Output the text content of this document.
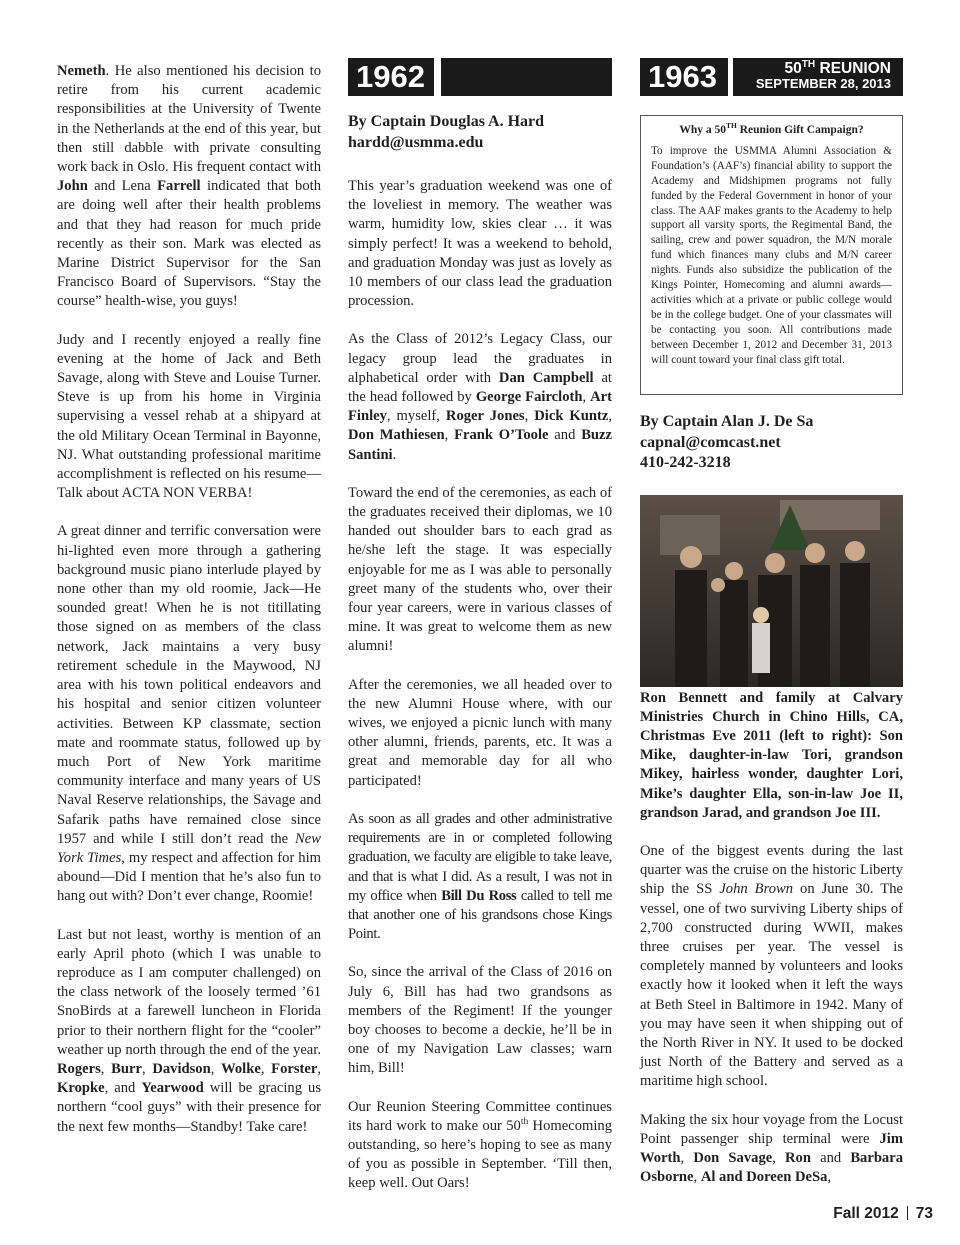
Nemeth. He also mentioned his decision to retire from his current academic responsibilities at the University of Twente in the Netherlands at the end of this year, but then still dabble with private consulting work back in Oslo. His frequent contact with John and Lena Farrell indicated that both are doing well after their health problems and that they had reason for much pride recently as their son. Mark was elected as Marine District Supervisor for the San Francisco Board of Supervisors. “Stay the course” health-wise, you guys!

Judy and I recently enjoyed a really fine evening at the home of Jack and Beth Savage, along with Steve and Louise Turner. Steve is up from his home in Virginia supervising a vessel rehab at a shipyard at the old Military Ocean Terminal in Bayonne, NJ. What outstanding professional maritime accomplishment is reflected on his resume—Talk about ACTA NON VERBA!

A great dinner and terrific conversation were hi-lighted even more through a gathering background music piano interlude played by none other than my old roomie, Jack—He sounded great! When he is not titillating those signed on as members of the class network, Jack maintains a very busy retirement schedule in the Maywood, NJ area with his town political endeavors and his hospital and senior citizen volunteer activities. Between KP classmate, section mate and roommate status, followed up by much Port of New York maritime community interface and many years of US Naval Reserve relationships, the Savage and Safarik paths have remained close since 1957 and while I still don’t read the New York Times, my respect and affection for him abound—Did I mention that he’s also fun to hang out with? Don’t ever change, Roomie!

Last but not least, worthy is mention of an early April photo (which I was unable to reproduce as I am computer challenged) on the class network of the loosely termed ’61 SnoBirds at a farewell luncheon in Florida prior to their northern flight for the “cooler” weather up north through the end of the year. Rogers, Burr, Davidson, Wolke, Forster, Kropke, and Yearwood will be gracing us northern “cool guys” with their presence for the next few months—Standby! Take care!

1962

By Captain Douglas A. Hard
hardd@usmma.edu

This year’s graduation weekend was one of the loveliest in memory. The weather was warm, humidity low, skies clear … it was simply perfect! It was a weekend to behold, and graduation Monday was just as lovely as 10 members of our class lead the graduation procession.

As the Class of 2012’s Legacy Class, our legacy group lead the graduates in alphabetical order with Dan Campbell at the head followed by George Faircloth, Art Finley, myself, Roger Jones, Dick Kuntz, Don Mathiesen, Frank O’Toole and Buzz Santini.

Toward the end of the ceremonies, as each of the graduates received their diplomas, we 10 handed out shoulder bars to each grad as he/she left the stage. It was especially enjoyable for me as I was able to personally greet many of the students who, over their four year careers, were in various classes of mine. It was great to welcome them as new alumni!

After the ceremonies, we all headed over to the new Alumni House where, with our wives, we enjoyed a picnic lunch with many other alumni, friends, parents, etc. It was a great and memorable day for all who participated!

As soon as all grades and other administrative requirements are in or completed following graduation, we faculty are eligible to take leave, and that is what I did. As a result, I was not in my office when Bill Du Ross called to tell me that another one of his grandsons chose Kings Point.

So, since the arrival of the Class of 2016 on July 6, Bill has had two grandsons as members of the Regiment! If the younger boy chooses to become a deckie, he’ll be in one of my Navigation Law classes; warn him, Bill!

Our Reunion Steering Committee continues its hard work to make our 50th Homecoming outstanding, so here’s hoping to see as many of you as possible in September. ‘Till then, keep well. Out Oars!

1963	50TH REUNION
SEPTEMBER 28, 2013
Why a 50TH Reunion Gift Campaign?

To improve the USMMA Alumni Association & Foundation’s (AAF’s) financial ability to support the Academy and Midshipmen programs not fully funded by the Federal Government in honor of your class. The AAF makes grants to the Academy to help support all varsity sports, the Regimental Band, the sailing, crew and power squadron, the M/N morale fund which finances many clubs and M/N career nights. Funds also subsidize the publication of the Kings Pointer, Homecoming and alumni awards—activities which at a private or public college would be in the college budget. One of your classmates will be contacting you soon. All contributions made between December 1, 2012 and December 31, 2013 will count toward your final class gift total.

By Captain Alan J. De Sa
capnal@comcast.net
410-242-3218

Ron Bennett and family at Calvary Ministries Church in Chino Hills, CA, Christmas Eve 2011 (left to right): Son Mike, daughter-in-law Tori, grandson Mikey, hairless wonder, daughter Lori, Mike’s daughter Ella, son-in-law Joe II, grandson Jarad, and grandson Joe III.

One of the biggest events during the last quarter was the cruise on the historic Liberty ship the SS John Brown on June 30. The vessel, one of two surviving Liberty ships of 2,700 constructed during WWII, makes three cruises per year. The vessel is completely manned by volunteers and looks exactly how it looked when it left the ways at Beth Steel in Baltimore in 1942. Many of you may have seen it when shipping out of the North River in NY. It used to be docked just North of the Battery and served as a maritime high school.

Making the six hour voyage from the Locust Point passenger ship terminal were Jim Worth, Don Savage, Ron and Barbara Osborne, Al and Doreen DeSa,

Fall 2012 73
